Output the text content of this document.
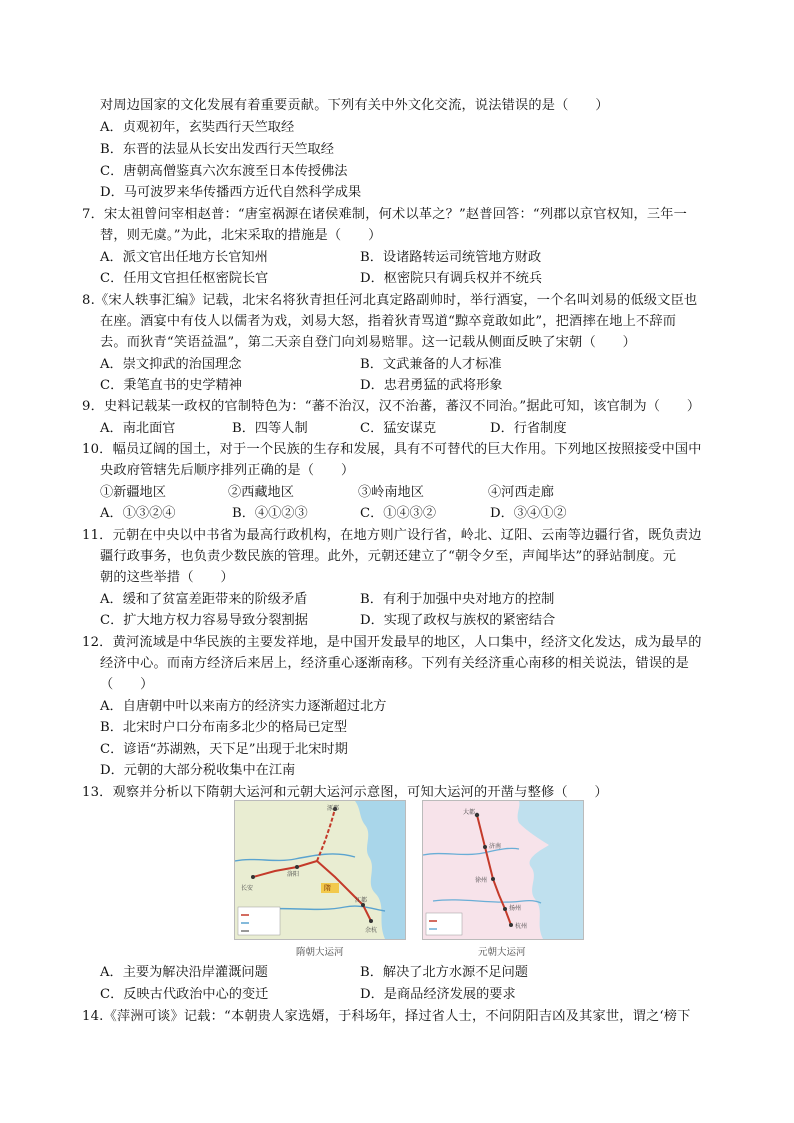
对周边国家的文化发展有着重要贡献。下列有关中外文化交流，说法错误的是（　　）
A．贞观初年，玄奘西行天竺取经
B．东晋的法显从长安出发西行天竺取经
C．唐朝高僧鉴真六次东渡至日本传授佛法
D．马可波罗来华传播西方近代自然科学成果
7．宋太祖曾问宰相赵普：“唐室祸源在诸侯难制，何术以革之？”赵普回答：“列郡以京官权知，三年一
替，则无虞。”为此，北宋采取的措施是（　　）
A．派文官出任地方长官知州	B．设诸路转运司统管地方财政
C．任用文官担任枢密院长官	D．枢密院只有调兵权并不统兵
8.《宋人轶事汇编》记载，北宋名将狄青担任河北真定路副帅时，举行酒宴，一个名叫刘易的低级文臣也
在座。酒宴中有伎人以儒者为戏，刘易大怒，指着狄青骂道“黥卒竟敢如此”，把酒摔在地上不辞而
去。而狄青“笑语益温”，第二天亲自登门向刘易赔罪。这一记载从侧面反映了宋朝（　　）
A．崇文抑武的治国理念	B．文武兼备的人才标准
C．秉笔直书的史学精神	D．忠君勇猛的武将形象
9．史料记载某一政权的官制特色为：“蕃不治汉，汉不治蕃，蕃汉不同治。”据此可知，该官制为（　　）
A．南北面官	B．四等人制	C．猛安谋克	D．行省制度
10．幅员辽阔的国土，对于一个民族的生存和发展，具有不可替代的巨大作用。下列地区按照接受中国中
央政府管辖先后顺序排列正确的是（　　）
①新疆地区	②西藏地区	③岭南地区	④河西走廊
A．①③②④	B．④①②③	C．①④③②	D．③④①②
11．元朝在中央以中书省为最高行政机构，在地方则广设行省，岭北、辽阳、云南等边疆行省，既负责边
疆行政事务，也负责少数民族的管理。此外，元朝还建立了“朝令夕至，声闻毕达”的驿站制度。元
朝的这些举措（　　）
A．缓和了贫富差距带来的阶级矛盾	B．有利于加强中央对地方的控制
C．扩大地方权力容易导致分裂割据	D．实现了政权与族权的紧密结合
12．黄河流域是中华民族的主要发祥地，是中国开发最早的地区，人口集中，经济文化发达，成为最早的
经济中心。而南方经济后来居上，经济重心逐渐南移。下列有关经济重心南移的相关说法，错误的是
（　　）
A．自唐朝中叶以来南方的经济实力逐渐超过北方
B．北宋时户口分布南多北少的格局已定型
C．谚语“苏湖熟，天下足”出现于北宋时期
D．元朝的大部分税收集中在江南
13．观察并分析以下隋朝大运河和元朝大运河示意图，可知大运河的开凿与整修（　　）
长安
洛阳
涿郡
隋
江都
余杭
隋朝大运河
大都
济南
徐州
扬州
杭州
元朝大运河
A．主要为解决沿岸灌溉问题	B．解决了北方水源不足问题
C．反映古代政治中心的变迁	D．是商品经济发展的要求
14.《萍洲可谈》记载：“本朝贵人家选婿，于科场年，择过省人士，不问阴阳吉凶及其家世，谓之‘榜下
